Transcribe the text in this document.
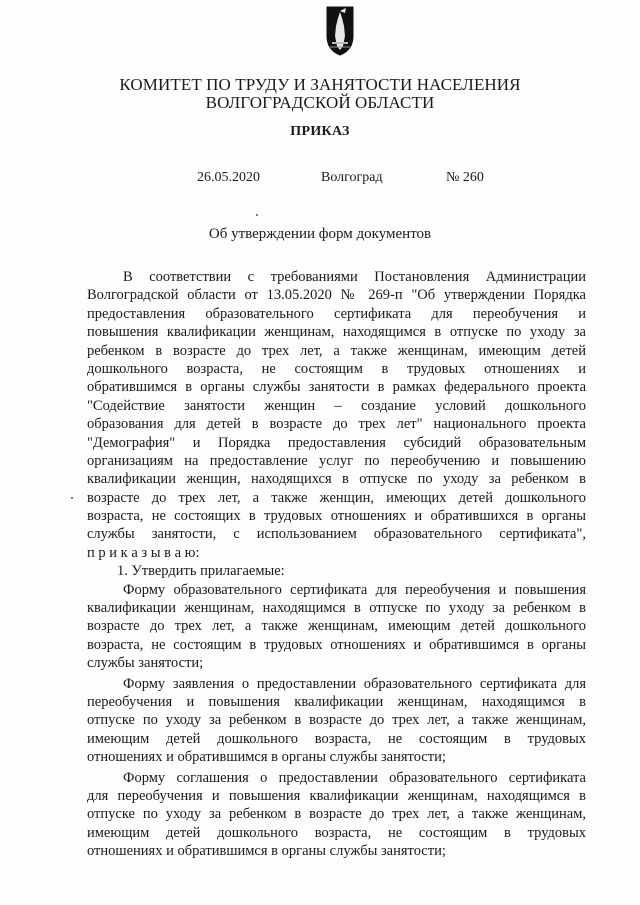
КОМИТЕТ ПО ТРУДУ И ЗАНЯТОСТИ НАСЕЛЕНИЯ
ВОЛГОГРАДСКОЙ ОБЛАСТИ
ПРИКАЗ
26.05.2020	Волгоград	№ 260
Об утверждении форм документов
В соответствии с требованиями Постановления Администрации
Волгоградской области от 13.05.2020 № 269-п "Об утверждении Порядка
предоставления образовательного сертификата для переобучения и
повышения квалификации женщинам, находящимся в отпуске по уходу за
ребенком в возрасте до трех лет, а также женщинам, имеющим детей
дошкольного возраста, не состоящим в трудовых отношениях и
обратившимся в органы службы занятости в рамках федерального проекта
"Содействие занятости женщин – создание условий дошкольного
образования для детей в возрасте до трех лет" национального проекта
"Демография" и Порядка предоставления субсидий образовательным
организациям на предоставление услуг по переобучению и повышению
квалификации женщин, находящихся в отпуске по уходу за ребенком в
возрасте до трех лет, а также женщин, имеющих детей дошкольного
возраста, не состоящих в трудовых отношениях и обратившихся в органы
службы занятости, с использованием образовательного сертификата",
п р и к а з ы в а ю:
1. Утвердить прилагаемые:
Форму образовательного сертификата для переобучения и повышения
квалификации женщинам, находящимся в отпуске по уходу за ребенком в
возрасте до трех лет, а также женщинам, имеющим детей дошкольного
возраста, не состоящим в трудовых отношениях и обратившимся в органы
службы занятости;
Форму заявления о предоставлении образовательного сертификата для
переобучения и повышения квалификации женщинам, находящимся в
отпуске по уходу за ребенком в возрасте до трех лет, а также женщинам,
имеющим детей дошкольного возраста, не состоящим в трудовых
отношениях и обратившимся в органы службы занятости;
Форму соглашения о предоставлении образовательного сертификата
для переобучения и повышения квалификации женщинам, находящимся в
отпуске по уходу за ребенком в возрасте до трех лет, а также женщинам,
имеющим детей дошкольного возраста, не состоящим в трудовых
отношениях и обратившимся в органы службы занятости;
